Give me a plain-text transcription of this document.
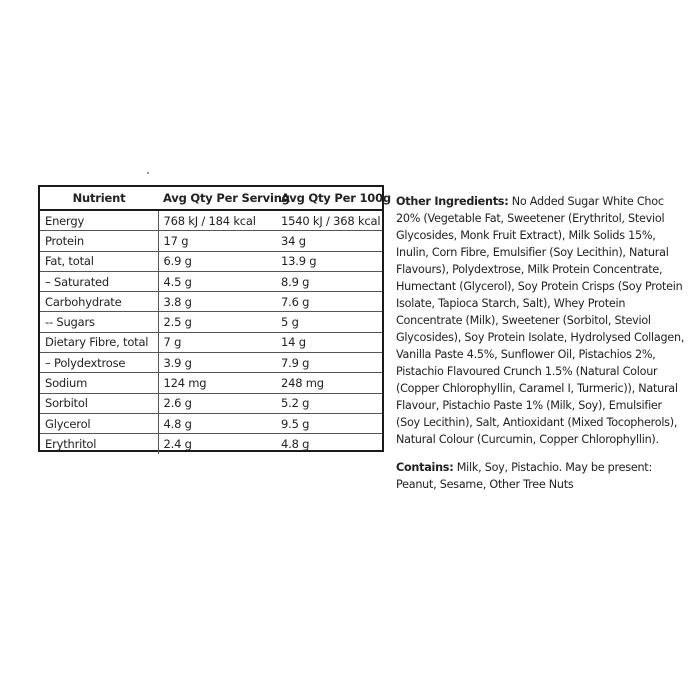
Nutrient	Avg Qty Per Serving	Avg Qty Per 100g
Energy	768 kJ / 184 kcal	1540 kJ / 368 kcal
Protein	17 g	34 g
Fat, total	6.9 g	13.9 g
– Saturated	4.5 g	8.9 g
Carbohydrate	3.8 g	7.6 g
-- Sugars	2.5 g	5 g
Dietary Fibre, total	7 g	14 g
– Polydextrose	3.9 g	7.9 g
Sodium	124 mg	248 mg
Sorbitol	2.6 g	5.2 g
Glycerol	4.8 g	9.5 g
Erythritol	2.4 g	4.8 g

Other Ingredients: No Added Sugar White Choc 20% (Vegetable Fat, Sweetener (Erythritol, Steviol Glycosides, Monk Fruit Extract), Milk Solids 15%, Inulin, Corn Fibre, Emulsifier (Soy Lecithin), Natural Flavours), Polydextrose, Milk Protein Concentrate, Humectant (Glycerol), Soy Protein Crisps (Soy Protein Isolate, Tapioca Starch, Salt), Whey Protein Concentrate (Milk), Sweetener (Sorbitol, Steviol Glycosides), Soy Protein Isolate, Hydrolysed Collagen, Vanilla Paste 4.5%, Sunflower Oil, Pistachios 2%, Pistachio Flavoured Crunch 1.5% (Natural Colour (Copper Chlorophyllin, Caramel I, Turmeric)), Natural Flavour, Pistachio Paste 1% (Milk, Soy), Emulsifier (Soy Lecithin), Salt, Antioxidant (Mixed Tocopherols), Natural Colour (Curcumin, Copper Chlorophyllin).

Contains: Milk, Soy, Pistachio. May be present: Peanut, Sesame, Other Tree Nuts
